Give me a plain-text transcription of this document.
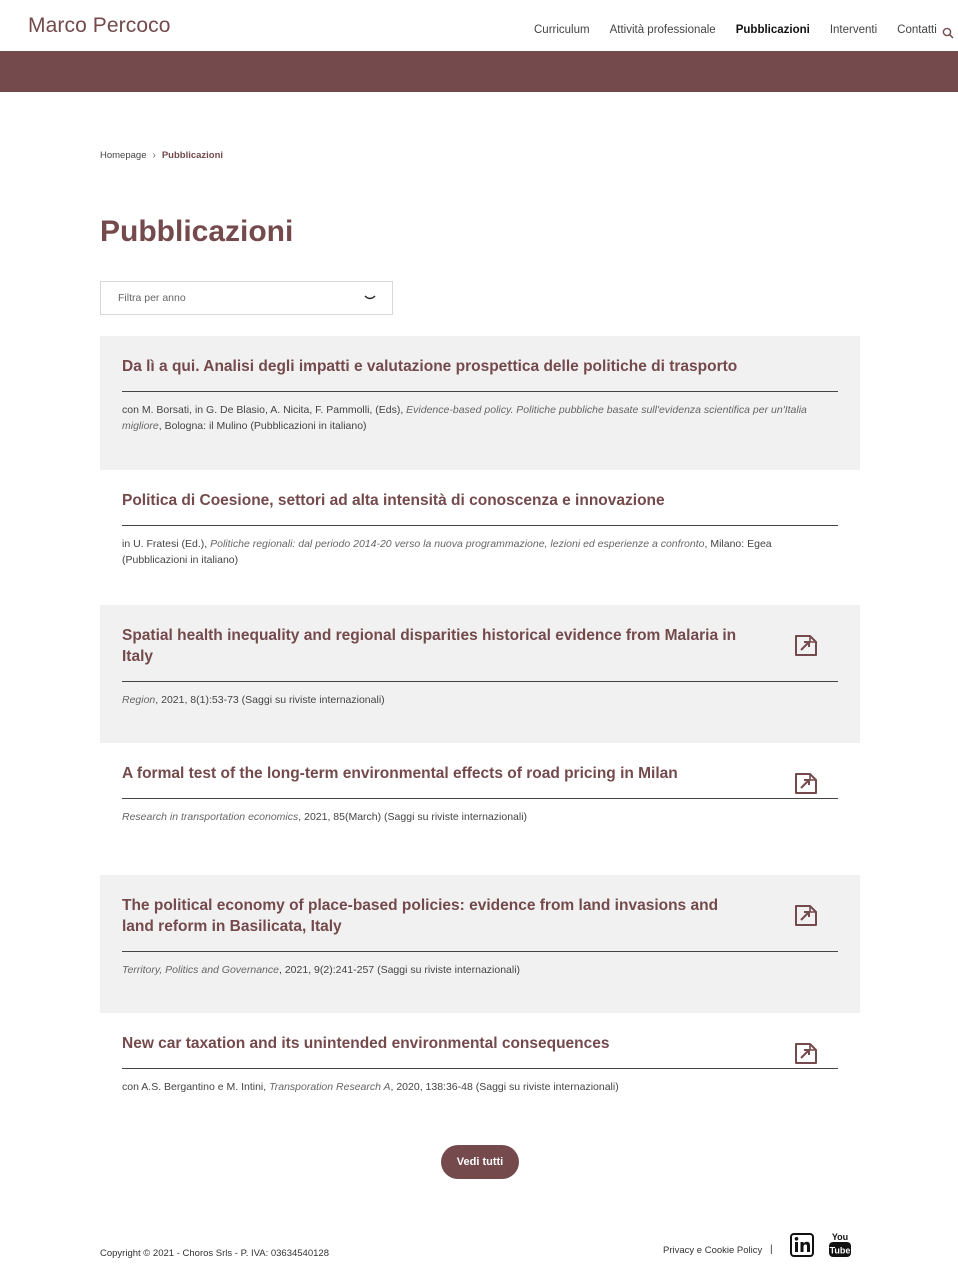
Marco Percoco	Curriculum Attività professionale Pubblicazioni Interventi Contatti
Homepage › Pubblicazioni
Pubblicazioni
Filtra per anno
Da lì a qui. Analisi degli impatti e valutazione prospettica delle politiche di trasporto
con M. Borsati, in G. De Blasio, A. Nicita, F. Pammolli, (Eds), Evidence-based policy. Politiche pubbliche basate sull'evidenza scientifica per un'Italia migliore, Bologna: il Mulino (Pubblicazioni in italiano)
Politica di Coesione, settori ad alta intensità di conoscenza e innovazione
in U. Fratesi (Ed.), Politiche regionali: dal periodo 2014-20 verso la nuova programmazione, lezioni ed esperienze a confronto, Milano: Egea (Pubblicazioni in italiano)
Spatial health inequality and regional disparities historical evidence from Malaria in Italy
Region, 2021, 8(1):53-73 (Saggi su riviste internazionali)
A formal test of the long-term environmental effects of road pricing in Milan
Research in transportation economics, 2021, 85(March) (Saggi su riviste internazionali)
The political economy of place-based policies: evidence from land invasions and land reform in Basilicata, Italy
Territory, Politics and Governance, 2021, 9(2):241-257 (Saggi su riviste internazionali)
New car taxation and its unintended environmental consequences
con A.S. Bergantino e M. Intini, Transporation Research A, 2020, 138:36-48 (Saggi su riviste internazionali)
Vedi tutti
Copyright © 2021 - Choros Srls - P. IVA: 03634540128	Privacy e Cookie Policy |
You
Tube
